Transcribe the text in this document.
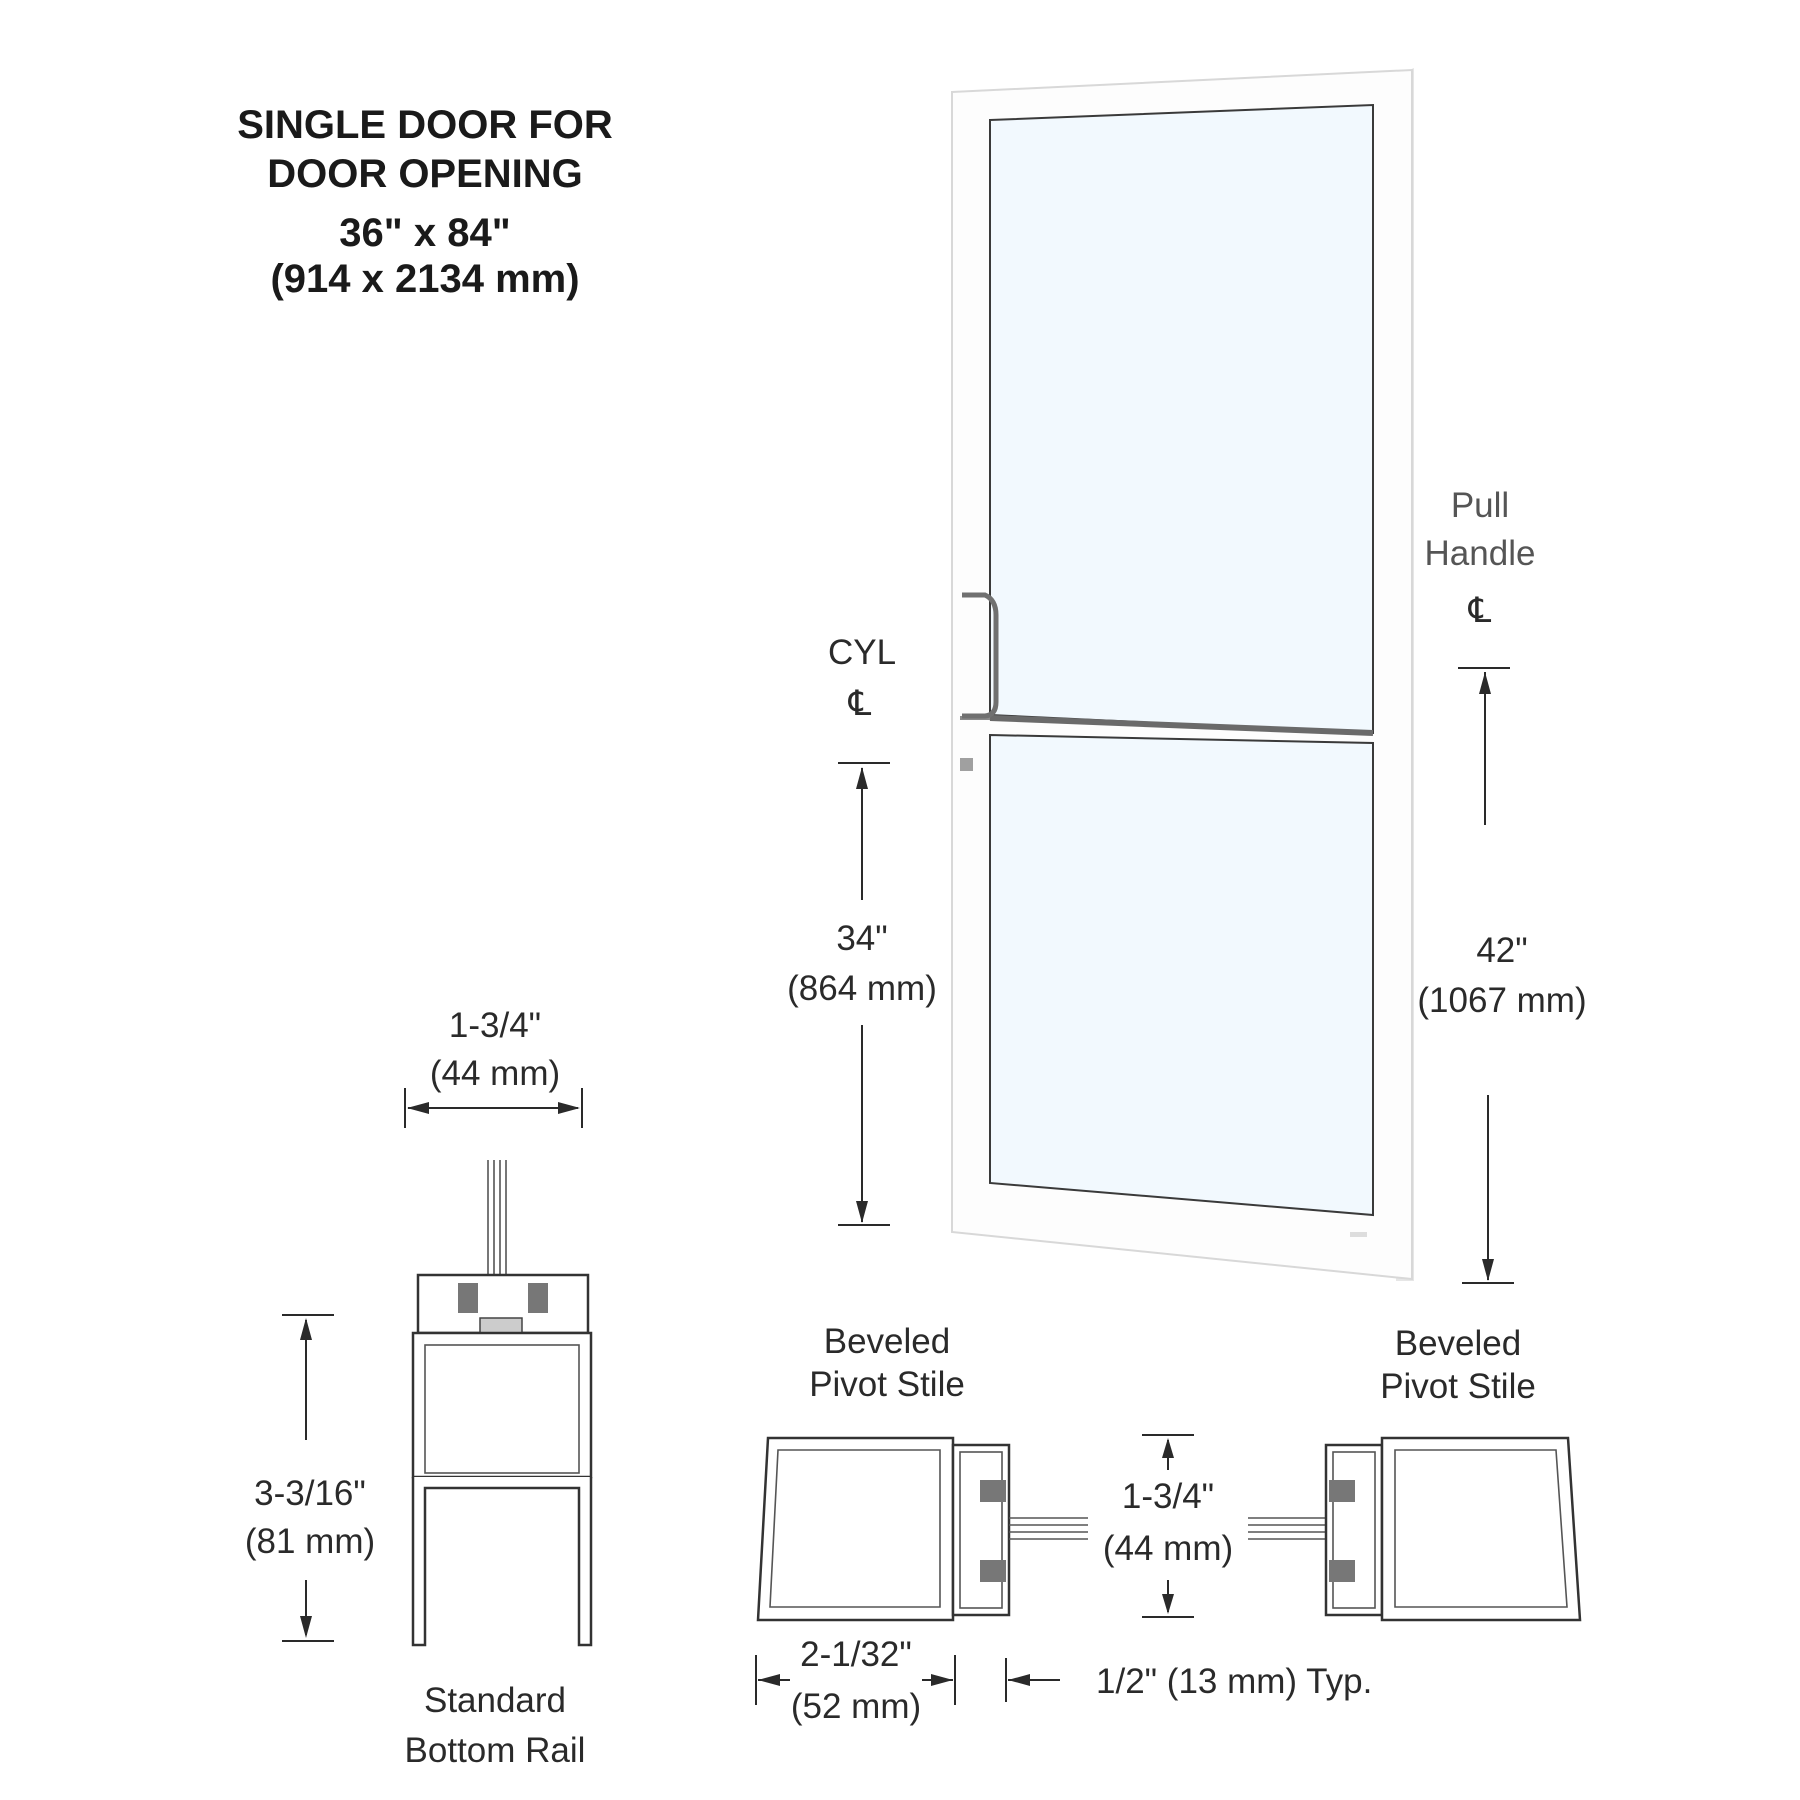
SINGLE DOOR FOR
DOOR OPENING
36" x 84"
(914 x 2134 mm)
Pull
Handle
℄
CYL
℄
34"
(864 mm)
42"
(1067 mm)
1-3/4"
(44 mm)
3-3/16"
(81 mm)
Standard
Bottom Rail
Beveled
Pivot Stile
Beveled
Pivot Stile
1-3/4"
(44 mm)
2-1/32"
(52 mm)
1/2" (13 mm) Typ.
